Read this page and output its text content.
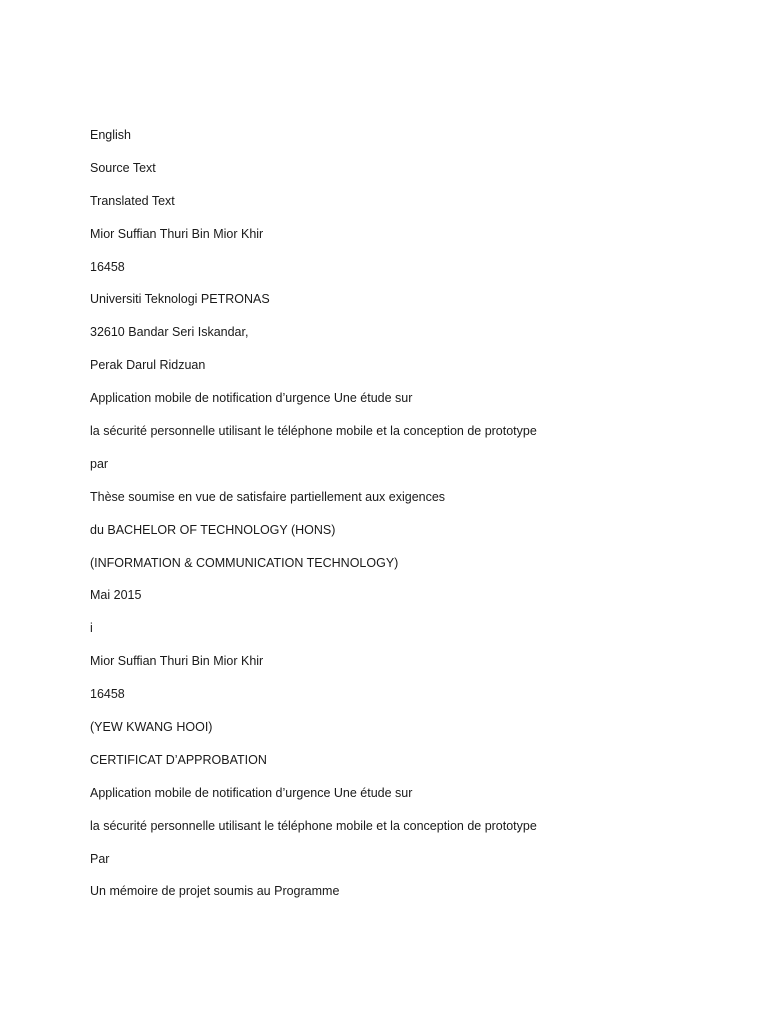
English
Source Text
Translated Text
Mior Suffian Thuri Bin Mior Khir
16458
Universiti Teknologi PETRONAS
32610 Bandar Seri Iskandar,
Perak Darul Ridzuan
Application mobile de notification d’urgence Une étude sur
la sécurité personnelle utilisant le téléphone mobile et la conception de prototype
par
Thèse soumise en vue de satisfaire partiellement aux exigences
du BACHELOR OF TECHNOLOGY (HONS)
(INFORMATION & COMMUNICATION TECHNOLOGY)
Mai 2015
i
Mior Suffian Thuri Bin Mior Khir
16458
(YEW KWANG HOOI)
CERTIFICAT D’APPROBATION
Application mobile de notification d’urgence Une étude sur
la sécurité personnelle utilisant le téléphone mobile et la conception de prototype
Par
Un mémoire de projet soumis au Programme
